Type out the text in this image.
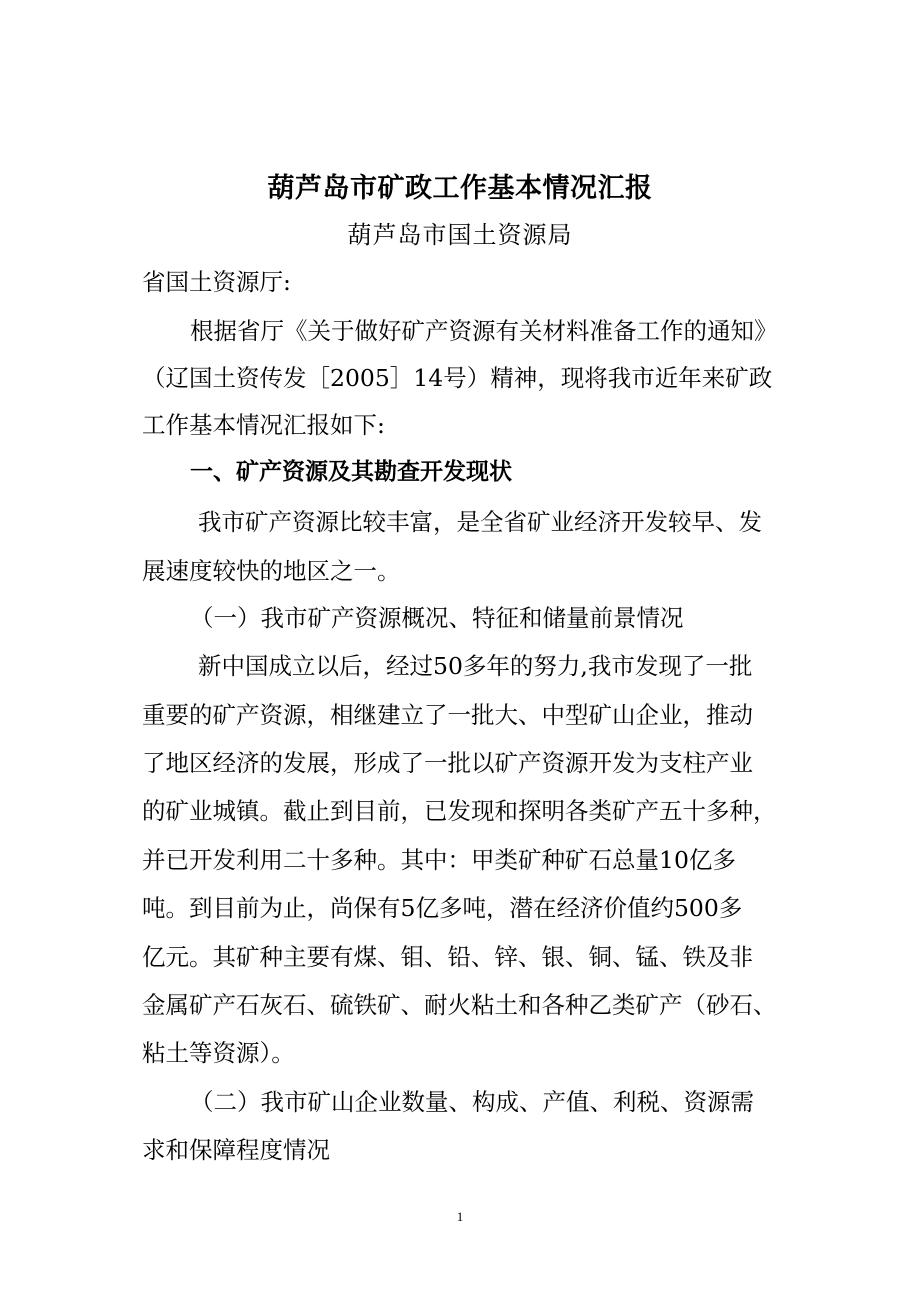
葫芦岛市矿政工作基本情况汇报
葫芦岛市国土资源局
省国土资源厅:
根据省厅《关于做好矿产资源有关材料准备工作的通知》
（辽国土资传发［2005］14号）精神，现将我市近年来矿政
工作基本情况汇报如下:
一、矿产资源及其勘查开发现状
我市矿产资源比较丰富，是全省矿业经济开发较早、发
展速度较快的地区之一。
（一）我市矿产资源概况、特征和储量前景情况
新中国成立以后，经过50多年的努力,我市发现了一批
重要的矿产资源，相继建立了一批大、中型矿山企业，推动
了地区经济的发展，形成了一批以矿产资源开发为支柱产业
的矿业城镇。截止到目前，已发现和探明各类矿产五十多种，
并已开发利用二十多种。其中：甲类矿种矿石总量10亿多
吨。到目前为止，尚保有5亿多吨，潜在经济价值约500多
亿元。其矿种主要有煤、钼、铅、锌、银、铜、锰、铁及非
金属矿产石灰石、硫铁矿、耐火粘土和各种乙类矿产（砂石、
粘土等资源）。
（二）我市矿山企业数量、构成、产值、利税、资源需
求和保障程度情况
1
